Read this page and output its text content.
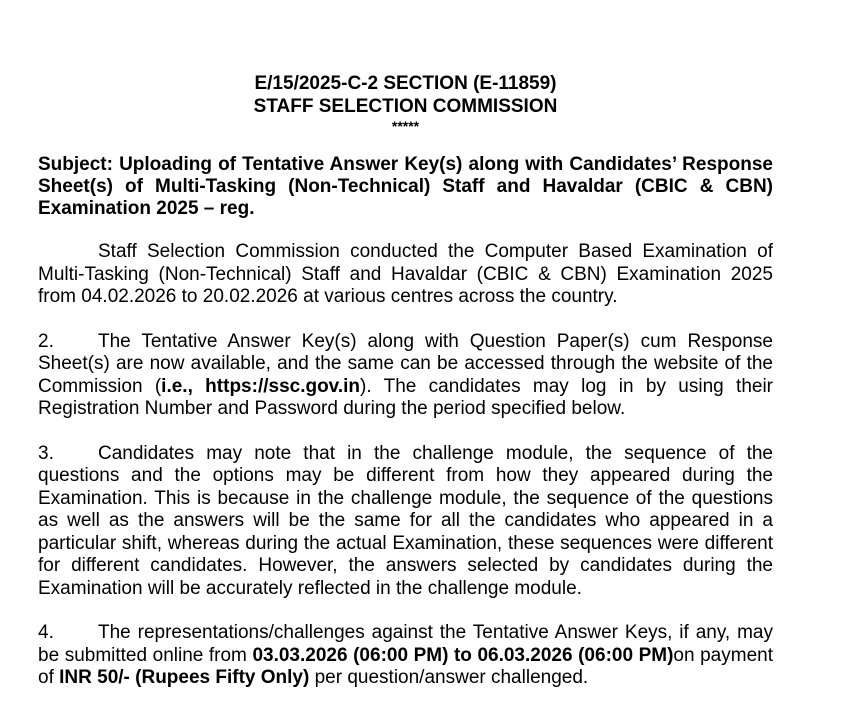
E/15/2025-C-2 SECTION (E-11859)
STAFF SELECTION COMMISSION
*****
Subject: Uploading of Tentative Answer Key(s) along with Candidates’ Response Sheet(s) of Multi-Tasking (Non-Technical) Staff and Havaldar (CBIC & CBN) Examination 2025 – reg.
Staff Selection Commission conducted the Computer Based Examination of Multi-Tasking (Non-Technical) Staff and Havaldar (CBIC & CBN) Examination 2025 from 04.02.2026 to 20.02.2026 at various centres across the country.
2. The Tentative Answer Key(s) along with Question Paper(s) cum Response Sheet(s) are now available, and the same can be accessed through the website of the Commission (i.e., https://ssc.gov.in). The candidates may log in by using their Registration Number and Password during the period specified below.
3. Candidates may note that in the challenge module, the sequence of the questions and the options may be different from how they appeared during the Examination. This is because in the challenge module, the sequence of the questions as well as the answers will be the same for all the candidates who appeared in a particular shift, whereas during the actual Examination, these sequences were different for different candidates. However, the answers selected by candidates during the Examination will be accurately reflected in the challenge module.
4. The representations/challenges against the Tentative Answer Keys, if any, may be submitted online from 03.03.2026 (06:00 PM) to 06.03.2026 (06:00 PM)on payment of INR 50/- (Rupees Fifty Only) per question/answer challenged.
